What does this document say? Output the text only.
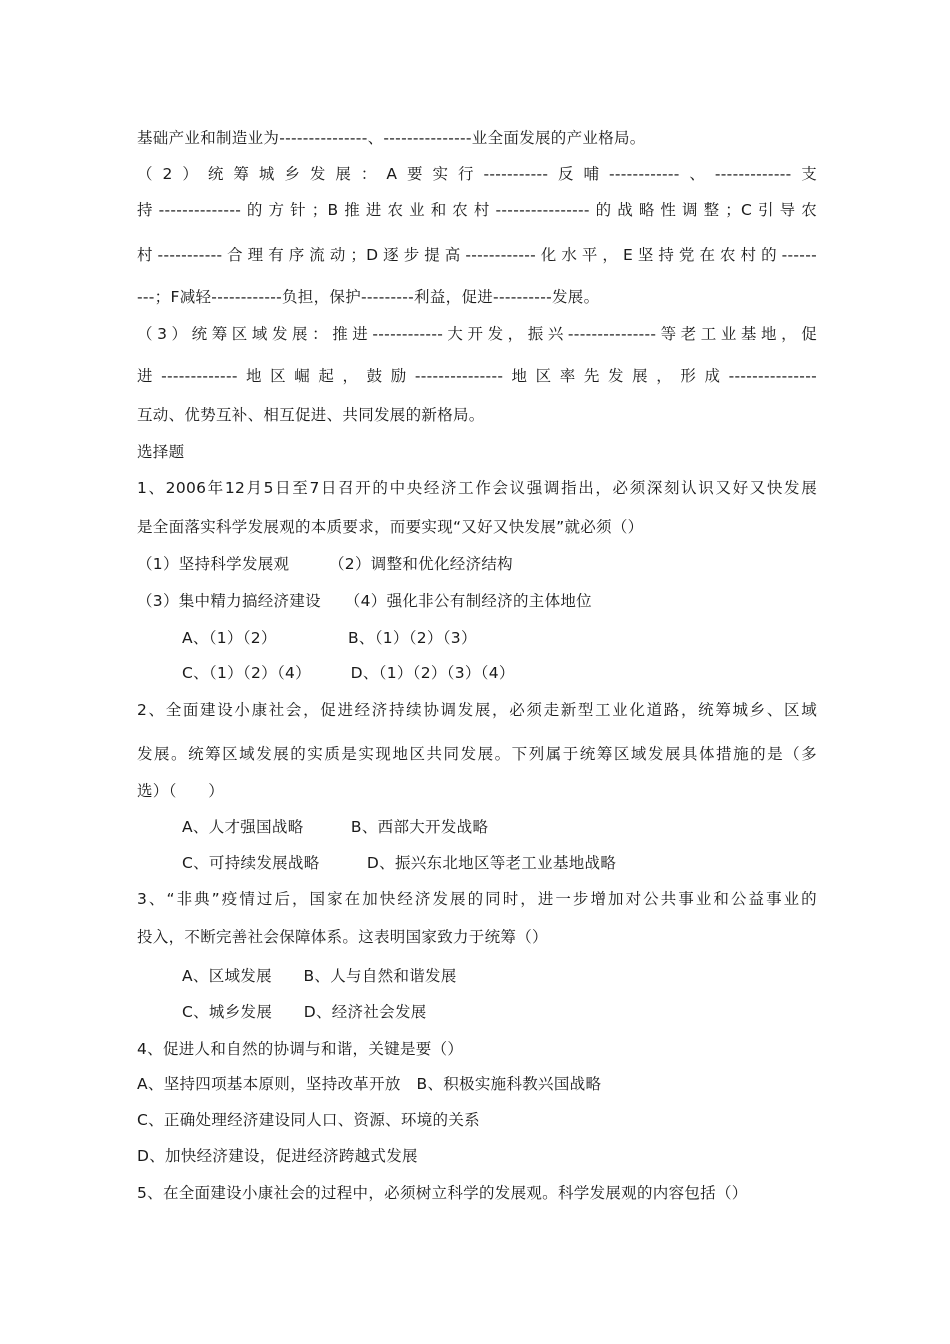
基础产业和制造业为---------------、---------------业全面发展的产业格局。
（2）统筹城乡发展：A要实行-----------反哺------------、-------------支
持--------------的方针；B推进农业和农村----------------的战略性调整；C引导农
村-----------合理有序流动；D逐步提高------------化水平，E坚持党在农村的------
---；F减轻------------负担，保护---------利益，促进----------发展。
（3）统筹区域发展：推进------------大开发，振兴---------------等老工业基地，促
进-------------地区崛起，鼓励---------------地区率先发展，形成---------------
互动、优势互补、相互促进、共同发展的新格局。
选择题
1、2006年12月5日至7日召开的中央经济工作会议强调指出，必须深刻认识又好又快发展
是全面落实科学发展观的本质要求，而要实现“又好又快发展”就必须（）
（1）坚持科学发展观　　　（2）调整和优化经济结构
（3）集中精力搞经济建设　　（4）强化非公有制经济的主体地位
A、（1）（2）　　　　　B、（1）（2）（3）
C、（1）（2）（4）　　　D、（1）（2）（3）（4）
2、全面建设小康社会，促进经济持续协调发展，必须走新型工业化道路，统筹城乡、区域
发展。统筹区域发展的实质是实现地区共同发展。下列属于统筹区域发展具体措施的是（多
选）（　　）
A、人才强国战略　　　B、西部大开发战略
C、可持续发展战略　　　D、振兴东北地区等老工业基地战略
3、“非典”疫情过后，国家在加快经济发展的同时，进一步增加对公共事业和公益事业的
投入，不断完善社会保障体系。这表明国家致力于统筹（）
A、区域发展　　B、人与自然和谐发展
C、城乡发展　　D、经济社会发展
4、促进人和自然的协调与和谐，关键是要（）
A、坚持四项基本原则，坚持改革开放　B、积极实施科教兴国战略
C、正确处理经济建设同人口、资源、环境的关系
D、加快经济建设，促进经济跨越式发展
5、在全面建设小康社会的过程中，必须树立科学的发展观。科学发展观的内容包括（）
